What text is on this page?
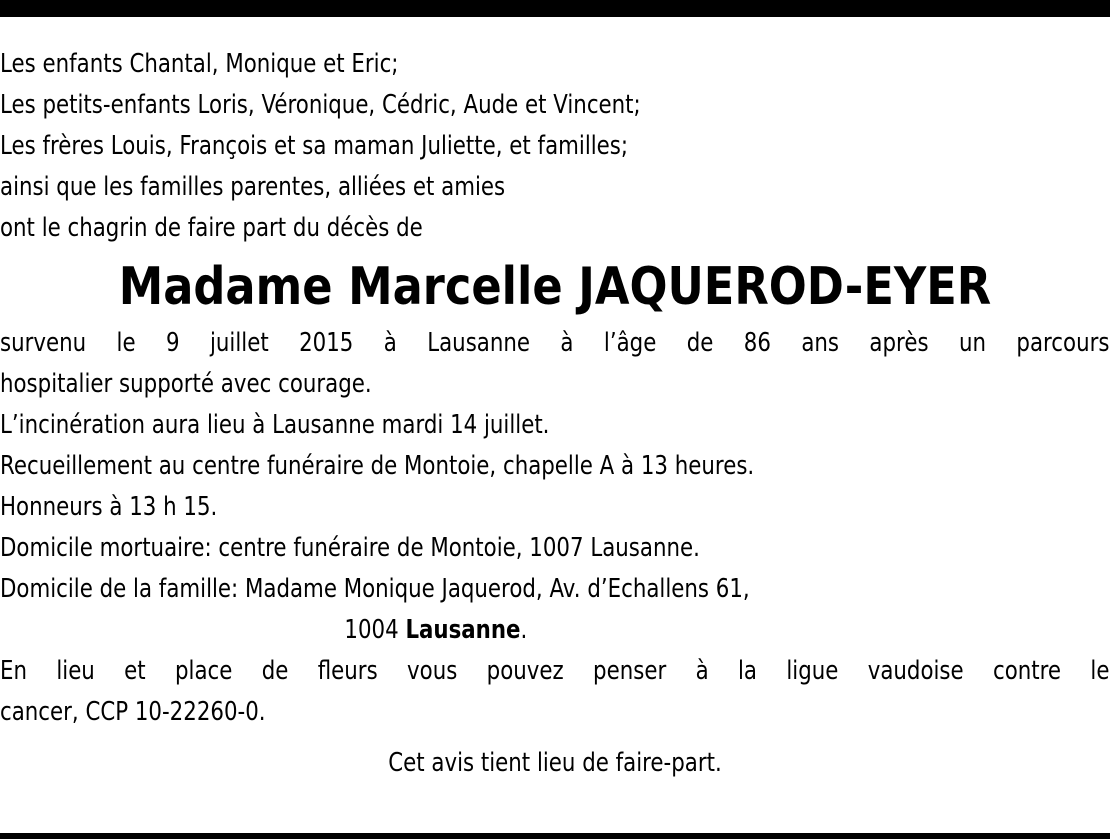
Les enfants Chantal, Monique et Eric;
Les petits-enfants Loris, Véronique, Cédric, Aude et Vincent;
Les frères Louis, François et sa maman Juliette, et familles;
ainsi que les familles parentes, alliées et amies
ont le chagrin de faire part du décès de
Madame Marcelle JAQUEROD-EYER
survenu le 9 juillet 2015 à Lausanne à l’âge de 86 ans après un parcours
hospitalier supporté avec courage.
L’incinération aura lieu à Lausanne mardi 14 juillet.
Recueillement au centre funéraire de Montoie, chapelle A à 13 heures.
Honneurs à 13 h 15.
Domicile mortuaire: centre funéraire de Montoie, 1007 Lausanne.
Domicile de la famille: Madame Monique Jaquerod, Av. d’Echallens 61,
1004 Lausanne.
En lieu et place de fleurs vous pouvez penser à la ligue vaudoise contre le
cancer, CCP 10-22260-0.
Cet avis tient lieu de faire-part.
